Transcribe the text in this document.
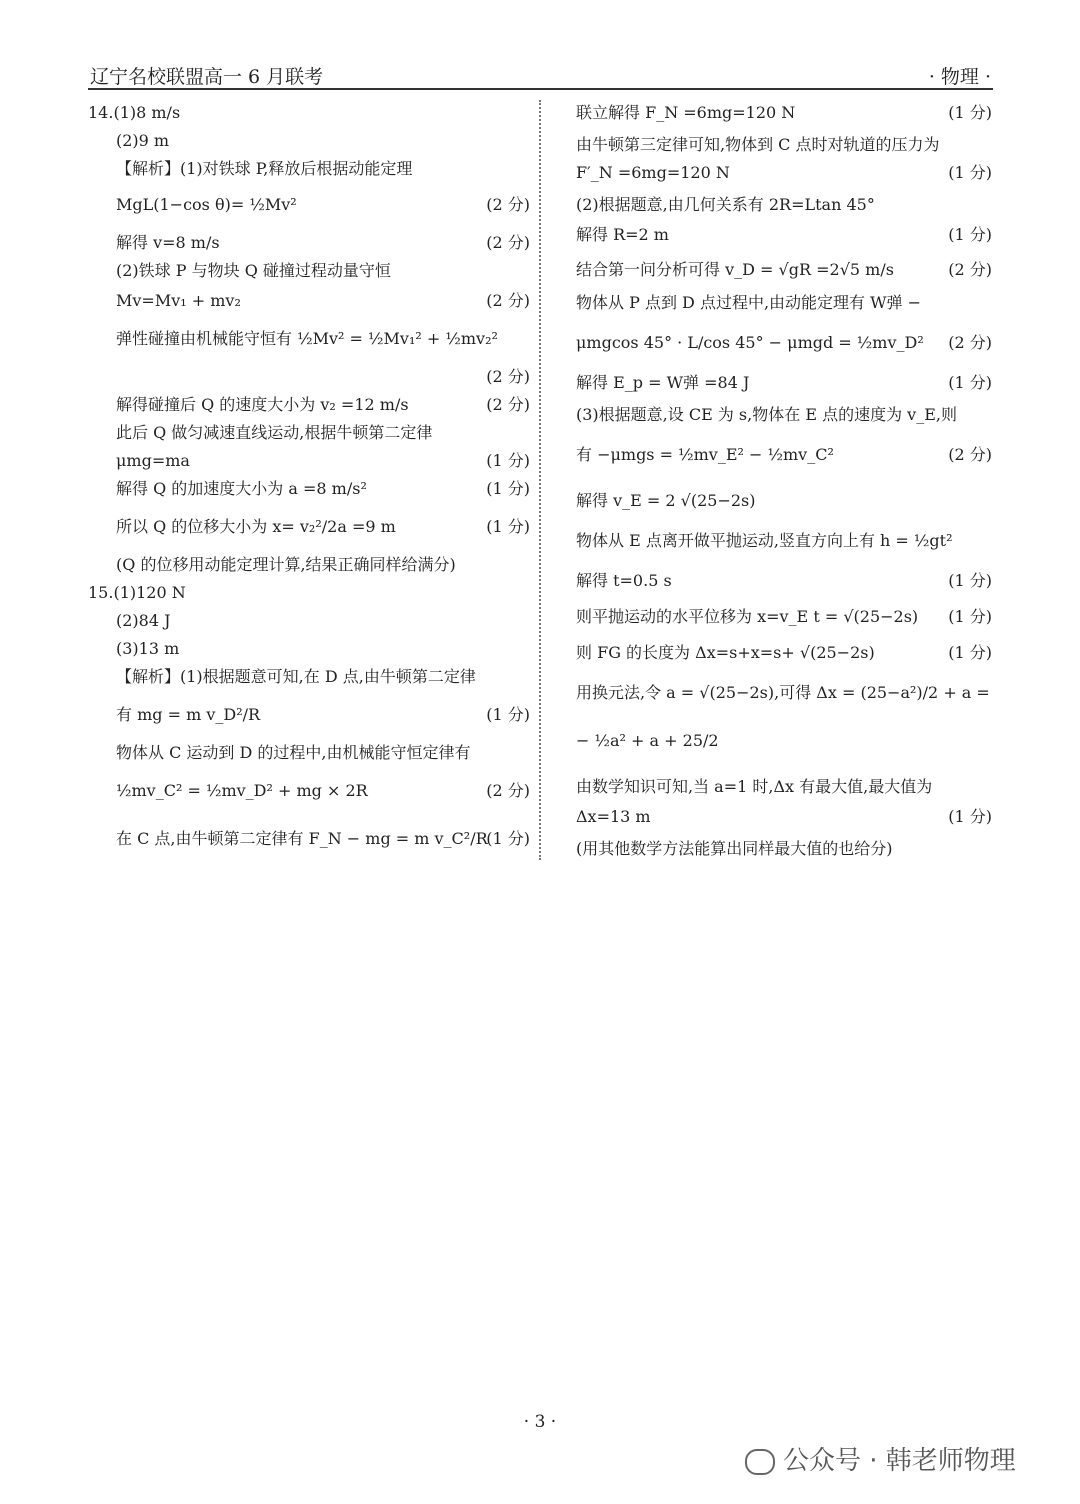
辽宁名校联盟高一 6 月联考	· 物理 ·
14.(1)8 m/s
(2)9 m
【解析】(1)对铁球 P,释放后根据动能定理
MgL(1−cos θ)= ½Mv²	(2 分)
解得 v=8 m/s	(2 分)
(2)铁球 P 与物块 Q 碰撞过程动量守恒
Mv=Mv₁ + mv₂	(2 分)
弹性碰撞由机械能守恒有 ½Mv² = ½Mv₁² + ½mv₂²
(2 分)
解得碰撞后 Q 的速度大小为 v₂ =12 m/s	(2 分)
此后 Q 做匀减速直线运动,根据牛顿第二定律
μmg=ma	(1 分)
解得 Q 的加速度大小为 a =8 m/s²	(1 分)
所以 Q 的位移大小为 x= v₂²/2a =9 m	(1 分)
(Q 的位移用动能定理计算,结果正确同样给满分)
15.(1)120 N
(2)84 J
(3)13 m
【解析】(1)根据题意可知,在 D 点,由牛顿第二定律
有 mg = m v_D²/R	(1 分)
物体从 C 运动到 D 的过程中,由机械能守恒定律有
½mv_C² = ½mv_D² + mg × 2R	(2 分)
在 C 点,由牛顿第二定律有 F_N − mg = m v_C²/R
(1 分)
联立解得 F_N =6mg=120 N	(1 分)
由牛顿第三定律可知,物体到 C 点时对轨道的压力为
F′_N =6mg=120 N	(1 分)
(2)根据题意,由几何关系有 2R=Ltan 45°
解得 R=2 m	(1 分)
结合第一问分析可得 v_D = √gR =2√5 m/s	(2 分)
物体从 P 点到 D 点过程中,由动能定理有 W弹 −
μmgcos 45° · L/cos 45° − μmgd = ½mv_D² (2 分)
解得 E_p = W弹 =84 J	(1 分)
(3)根据题意,设 CE 为 s,物体在 E 点的速度为 v_E,则
有 −μmgs = ½mv_E² − ½mv_C²	(2 分)
解得 v_E = 2 √(25−2s)
物体从 E 点离开做平抛运动,竖直方向上有 h = ½gt²
解得 t=0.5 s	(1 分)
则平抛运动的水平位移为 x=v_E t = √(25−2s) (1 分)
则 FG 的长度为 Δx=s+x=s+ √(25−2s)	(1 分)
用换元法,令 a = √(25−2s),可得 Δx = (25−a²)/2 + a =
− ½a² + a + 25/2
由数学知识可知,当 a=1 时,Δx 有最大值,最大值为
Δx=13 m	(1 分)
(用其他数学方法能算出同样最大值的也给分)
· 3 ·
公众号 · 韩老师物理
